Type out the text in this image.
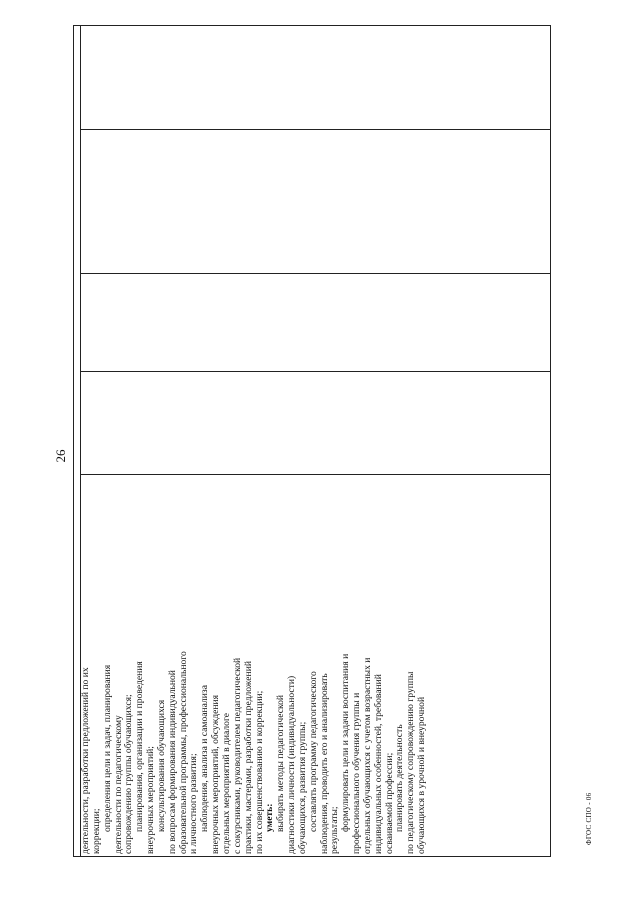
26
деятельности, разработки предложений по их коррекции; определения цели и задач, планирования деятельности по педагогическому сопровождению группы обучающихся; планирования, организации и проведения внеурочных мероприятий; консультирования обучающихся по вопросам формирования индивидуальной образовательной программы, профессионального и личностного развития; наблюдения, анализа и самоанализа внеурочных мероприятий, обсуждения отдельных мероприятий в диалоге с сокурсниками, руководителем педагогической практики, мастерами, разработки предложений по их совершенствованию и коррекции; уметь: выбирать методы педагогической диагностики личности (индивидуальности) обучающихся, развития группы; составлять программу педагогического наблюдения, проводить его и анализировать результаты; формулировать цели и задачи воспитания и профессионального обучения группы и отдельных обучающихся с учетом возрастных и индивидуальных особенностей, требований осваиваемой профессии; планировать деятельность по педагогическому сопровождению группы обучающихся в урочной и внеурочной	ФГОС СПО - 06
